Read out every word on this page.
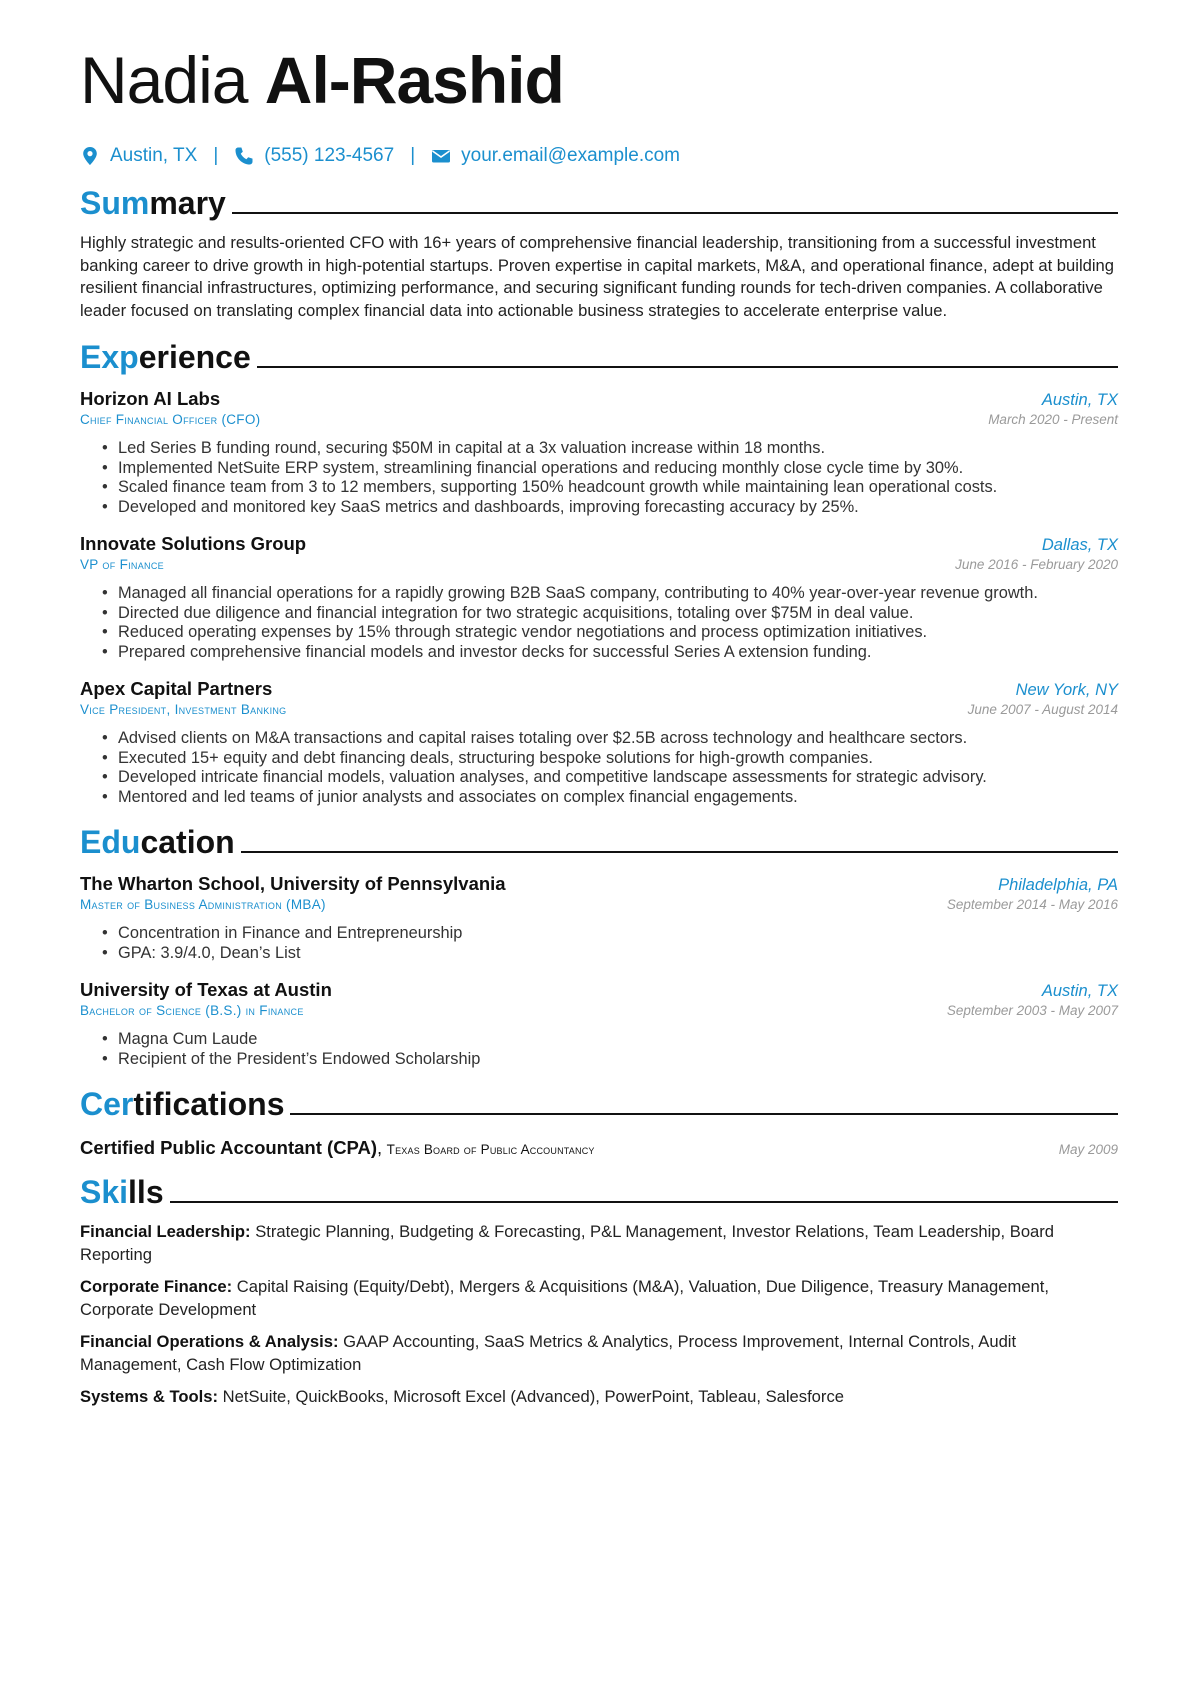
Nadia Al-Rashid
Austin, TX | (555) 123-4567 | your.email@example.com
Summary
Highly strategic and results-oriented CFO with 16+ years of comprehensive financial leadership, transitioning from a successful investment banking career to drive growth in high-potential startups. Proven expertise in capital markets, M&A, and operational finance, adept at building resilient financial infrastructures, optimizing performance, and securing significant funding rounds for tech-driven companies. A collaborative leader focused on translating complex financial data into actionable business strategies to accelerate enterprise value.
Experience
Horizon AI Labs	Austin, TX
Chief Financial Officer (CFO)	March 2020 - Present
• Led Series B funding round, securing $50M in capital at a 3x valuation increase within 18 months.
• Implemented NetSuite ERP system, streamlining financial operations and reducing monthly close cycle time by 30%.
• Scaled finance team from 3 to 12 members, supporting 150% headcount growth while maintaining lean operational costs.
• Developed and monitored key SaaS metrics and dashboards, improving forecasting accuracy by 25%.
Innovate Solutions Group	Dallas, TX
VP of Finance	June 2016 - February 2020
• Managed all financial operations for a rapidly growing B2B SaaS company, contributing to 40% year-over-year revenue growth.
• Directed due diligence and financial integration for two strategic acquisitions, totaling over $75M in deal value.
• Reduced operating expenses by 15% through strategic vendor negotiations and process optimization initiatives.
• Prepared comprehensive financial models and investor decks for successful Series A extension funding.
Apex Capital Partners	New York, NY
Vice President, Investment Banking	June 2007 - August 2014
• Advised clients on M&A transactions and capital raises totaling over $2.5B across technology and healthcare sectors.
• Executed 15+ equity and debt financing deals, structuring bespoke solutions for high-growth companies.
• Developed intricate financial models, valuation analyses, and competitive landscape assessments for strategic advisory.
• Mentored and led teams of junior analysts and associates on complex financial engagements.
Education
The Wharton School, University of Pennsylvania	Philadelphia, PA
Master of Business Administration (MBA)	September 2014 - May 2016
• Concentration in Finance and Entrepreneurship
• GPA: 3.9/4.0, Dean’s List
University of Texas at Austin	Austin, TX
Bachelor of Science (B.S.) in Finance	September 2003 - May 2007
• Magna Cum Laude
• Recipient of the President’s Endowed Scholarship
Certifications
Certified Public Accountant (CPA), Texas Board of Public Accountancy	May 2009
Skills
Financial Leadership: Strategic Planning, Budgeting & Forecasting, P&L Management, Investor Relations, Team Leadership, Board Reporting
Corporate Finance: Capital Raising (Equity/Debt), Mergers & Acquisitions (M&A), Valuation, Due Diligence, Treasury Management, Corporate Development
Financial Operations & Analysis: GAAP Accounting, SaaS Metrics & Analytics, Process Improvement, Internal Controls, Audit Management, Cash Flow Optimization
Systems & Tools: NetSuite, QuickBooks, Microsoft Excel (Advanced), PowerPoint, Tableau, Salesforce
